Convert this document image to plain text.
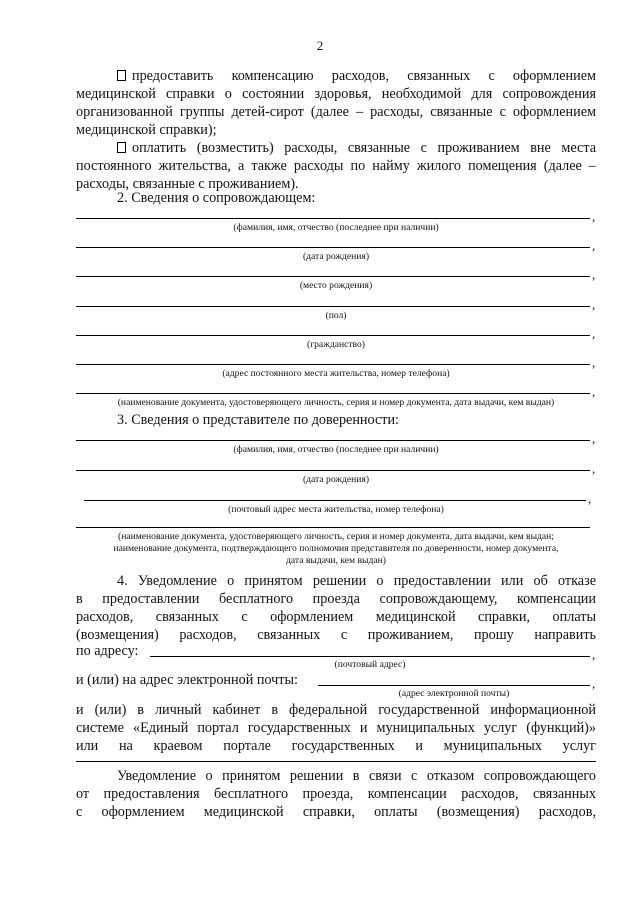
2
предоставить компенсацию расходов, связанных с оформлением медицинской справки о состоянии здоровья, необходимой для сопровождения организованной группы детей-сирот (далее – расходы, связанные с оформлением медицинской справки);
оплатить (возместить) расходы, связанные с проживанием вне места постоянного жительства, а также расходы по найму жилого помещения (далее – расходы, связанные с проживанием).
2. Сведения о сопровождающем:
,
(фамилия, имя, отчество (последнее при наличии)
,
(дата рождения)
,
(место рождения)
,
(пол)
,
(гражданство)
,
(адрес постоянного места жительства, номер телефона)
,
(наименование документа, удостоверяющего личность, серия и номер документа, дата выдачи, кем выдан)
3. Сведения о представителе по доверенности:
,
(фамилия, имя, отчество (последнее при наличии)
,
(дата рождения)
,
(почтовый адрес места жительства, номер телефона)
(наименование документа, удостоверяющего личность, серия и номер документа, дата выдачи, кем выдан;
наименование документа, подтверждающего полномочия представителя по доверенности, номер документа,
дата выдачи, кем выдан)
4. Уведомление о принятом решении о предоставлении или об отказе
в предоставлении бесплатного проезда сопровождающему, компенсации
расходов, связанных с оформлением медицинской справки, оплаты
(возмещения) расходов, связанных с проживанием, прошу направить
по адресу:	,
(почтовый адрес)
и (или) на адрес электронной почты:	,
(адрес электронной почты)
и (или) в личный кабинет в федеральной государственной информационной
системе «Единый портал государственных и муниципальных услуг (функций)»
или на краевом портале государственных и муниципальных услуг
Уведомление о принятом решении в связи с отказом сопровождающего
от предоставления бесплатного проезда, компенсации расходов, связанных
с оформлением медицинской справки, оплаты (возмещения) расходов,
